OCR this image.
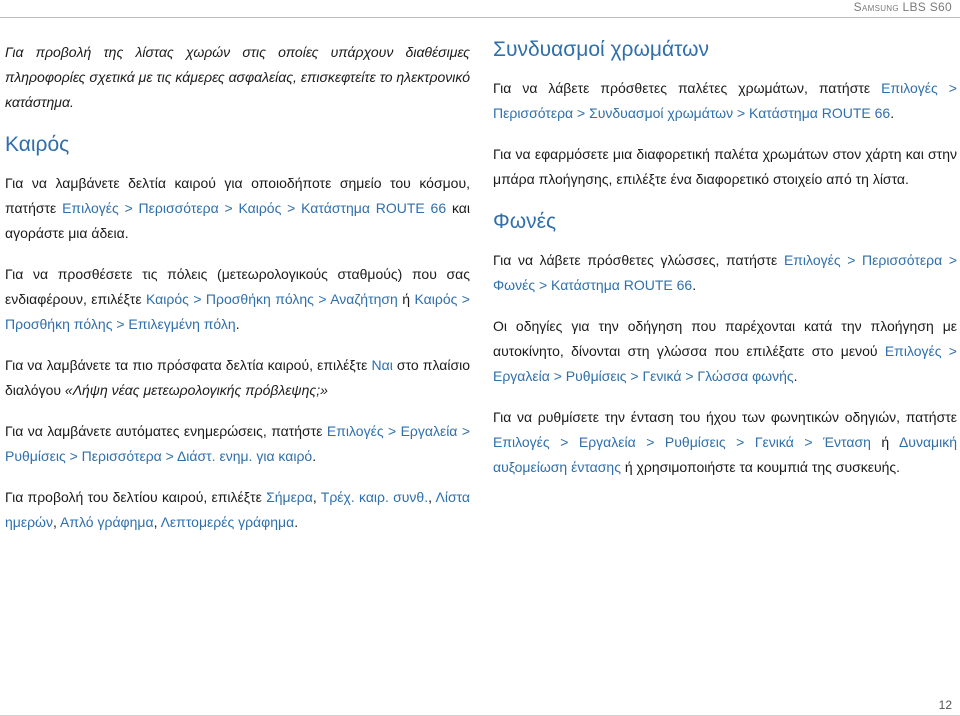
Samsung LBS S60

Για προβολή της λίστας χωρών στις οποίες υπάρχουν διαθέσιμες πληροφορίες σχετικά με τις κάμερες ασφαλείας, επισκεφτείτε το ηλεκτρονικό κατάστημα.

Καιρός

Για να λαμβάνετε δελτία καιρού για οποιοδήποτε σημείο του κόσμου, πατήστε Επιλογές > Περισσότερα > Καιρός > Κατάστημα ROUTE 66 και αγοράστε μια άδεια.

Για να προσθέσετε τις πόλεις (μετεωρολογικούς σταθμούς) που σας ενδιαφέρουν, επιλέξτε Καιρός > Προσθήκη πόλης > Αναζήτηση ή Καιρός > Προσθήκη πόλης > Επιλεγμένη πόλη.

Για να λαμβάνετε τα πιο πρόσφατα δελτία καιρού, επιλέξτε Ναι στο πλαίσιο διαλόγου «Λήψη νέας μετεωρολογικής πρόβλεψης;»

Για να λαμβάνετε αυτόματες ενημερώσεις, πατήστε Επιλογές > Εργαλεία > Ρυθμίσεις > Περισσότερα > Διάστ. ενημ. για καιρό.

Για προβολή του δελτίου καιρού, επιλέξτε Σήμερα, Τρέχ. καιρ. συνθ., Λίστα ημερών, Απλό γράφημα, Λεπτομερές γράφημα.

Συνδυασμοί χρωμάτων

Για να λάβετε πρόσθετες παλέτες χρωμάτων, πατήστε Επιλογές > Περισσότερα > Συνδυασμοί χρωμάτων > Κατάστημα ROUTE 66.

Για να εφαρμόσετε μια διαφορετική παλέτα χρωμάτων στον χάρτη και στην μπάρα πλοήγησης, επιλέξτε ένα διαφορετικό στοιχείο από τη λίστα.

Φωνές

Για να λάβετε πρόσθετες γλώσσες, πατήστε Επιλογές > Περισσότερα > Φωνές > Κατάστημα ROUTE 66.

Οι οδηγίες για την οδήγηση που παρέχονται κατά την πλοήγηση με αυτοκίνητο, δίνονται στη γλώσσα που επιλέξατε στο μενού Επιλογές > Εργαλεία > Ρυθμίσεις > Γενικά > Γλώσσα φωνής.

Για να ρυθμίσετε την ένταση του ήχου των φωνητικών οδηγιών, πατήστε Επιλογές > Εργαλεία > Ρυθμίσεις > Γενικά > Ένταση ή Δυναμική αυξομείωση έντασης ή χρησιμοποιήστε τα κουμπιά της συσκευής.

12
